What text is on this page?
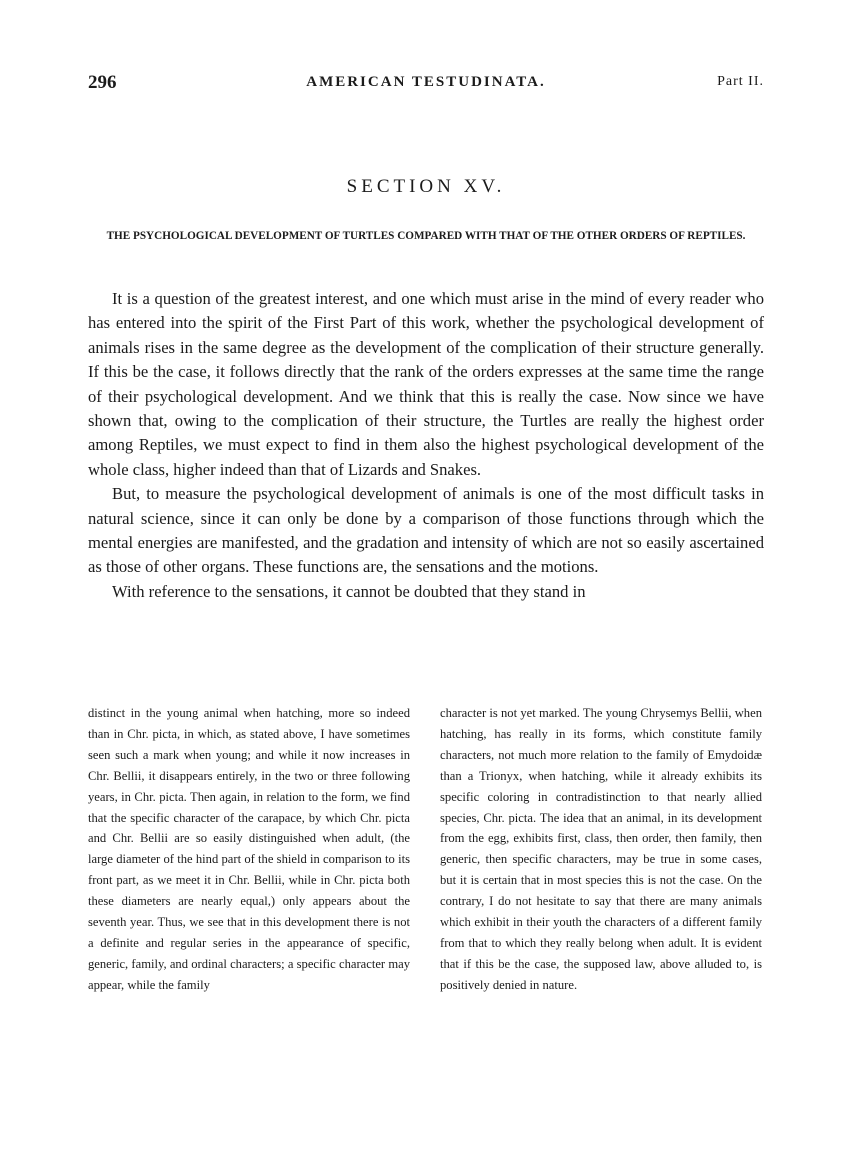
296	AMERICAN TESTUDINATA.	Part II.
SECTION XV.
THE PSYCHOLOGICAL DEVELOPMENT OF TURTLES COMPARED WITH THAT OF THE OTHER ORDERS OF REPTILES.

It is a question of the greatest interest, and one which must arise in the mind of every reader who has entered into the spirit of the First Part of this work, whether the psychological development of animals rises in the same degree as the development of the complication of their structure generally. If this be the case, it follows directly that the rank of the orders expresses at the same time the range of their psychological development. And we think that this is really the case. Now since we have shown that, owing to the complication of their structure, the Turtles are really the highest order among Reptiles, we must expect to find in them also the highest psychological development of the whole class, higher indeed than that of Lizards and Snakes.

But, to measure the psychological development of animals is one of the most difficult tasks in natural science, since it can only be done by a comparison of those functions through which the mental energies are manifested, and the gradation and intensity of which are not so easily ascertained as those of other organs. These functions are, the sensations and the motions.

With reference to the sensations, it cannot be doubted that they stand in

distinct in the young animal when hatching, more so indeed than in Chr. picta, in which, as stated above, I have sometimes seen such a mark when young; and while it now increases in Chr. Bellii, it disappears entirely, in the two or three following years, in Chr. picta. Then again, in relation to the form, we find that the specific character of the carapace, by which Chr. picta and Chr. Bellii are so easily distinguished when adult, (the large diameter of the hind part of the shield in comparison to its front part, as we meet it in Chr. Bellii, while in Chr. picta both these diameters are nearly equal,) only appears about the seventh year. Thus, we see that in this development there is not a definite and regular series in the appearance of specific, generic, family, and ordinal characters; a specific character may appear, while the family

character is not yet marked. The young Chrysemys Bellii, when hatching, has really in its forms, which constitute family characters, not much more relation to the family of Emydoidæ than a Trionyx, when hatching, while it already exhibits its specific coloring in contradistinction to that nearly allied species, Chr. picta. The idea that an animal, in its development from the egg, exhibits first, class, then order, then family, then generic, then specific characters, may be true in some cases, but it is certain that in most species this is not the case. On the contrary, I do not hesitate to say that there are many animals which exhibit in their youth the characters of a different family from that to which they really belong when adult. It is evident that if this be the case, the supposed law, above alluded to, is positively denied in nature.
